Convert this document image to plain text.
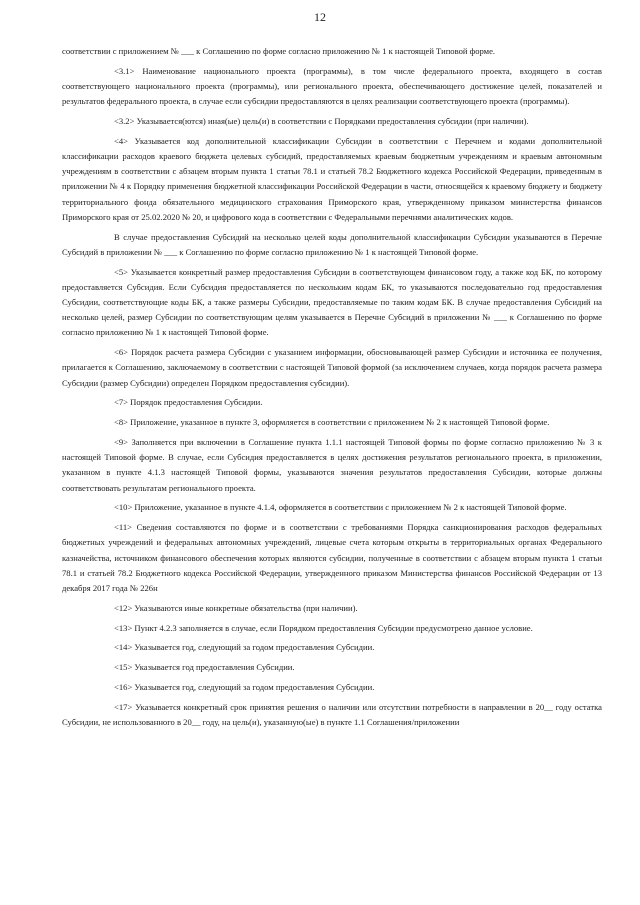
12

соответствии с приложением № ___ к Соглашению по форме согласно приложению № 1 к настоящей Типовой форме.

<3.1> Наименование национального проекта (программы), в том числе федерального проекта, входящего в состав соответствующего национального проекта (программы), или регионального проекта, обеспечивающего достижение целей, показателей и результатов федерального проекта, в случае если субсидии предоставляются в целях реализации соответствующего проекта (программы).

<3.2> Указывается(ются) иная(ые) цель(и) в соответствии с Порядками предоставления субсидии (при наличии).

<4> Указывается код дополнительной классификации Субсидии в соответствии с Перечнем и кодами дополнительной классификации расходов краевого бюджета целевых субсидий, предоставляемых краевым бюджетным учреждениям и краевым автономным учреждениям в соответствии с абзацем вторым пункта 1 статьи 78.1 и статьей 78.2 Бюджетного кодекса Российской Федерации, приведенным в приложении № 4 к Порядку применения бюджетной классификации Российской Федерации в части, относящейся к краевому бюджету и бюджету территориального фонда обязательного медицинского страхования Приморского края, утвержденному приказом министерства финансов Приморского края от 25.02.2020 № 20, и цифрового кода в соответствии с Федеральными перечнями аналитических кодов.

В случае предоставления Субсидий на несколько целей коды дополнительной классификации Субсидии указываются в Перечне Субсидий в приложении № ___ к Соглашению по форме согласно приложению № 1 к настоящей Типовой форме.

<5> Указывается конкретный размер предоставления Субсидии в соответствующем финансовом году, а также код БК, по которому предоставляется Субсидия. Если Субсидия предоставляется по нескольким кодам БК, то указываются последовательно год предоставления Субсидии, соответствующие коды БК, а также размеры Субсидии, предоставляемые по таким кодам БК. В случае предоставления Субсидий на несколько целей, размер Субсидии по соответствующим целям указывается в Перечне Субсидий в приложении № ___ к Соглашению по форме согласно приложению № 1 к настоящей Типовой форме.

<6> Порядок расчета размера Субсидии с указанием информации, обосновывающей размер Субсидии и источника ее получения, прилагается к Соглашению, заключаемому в соответствии с настоящей Типовой формой (за исключением случаев, когда порядок расчета размера Субсидии (размер Субсидии) определен Порядком предоставления субсидии).

<7> Порядок предоставления Субсидии.

<8> Приложение, указанное в пункте 3, оформляется в соответствии с приложением № 2 к настоящей Типовой форме.

<9> Заполняется при включении в Соглашение пункта 1.1.1 настоящей Типовой формы по форме согласно приложению № 3 к настоящей Типовой форме. В случае, если Субсидия предоставляется в целях достижения результатов регионального проекта, в приложении, указанном в пункте 4.1.3 настоящей Типовой формы, указываются значения результатов предоставления Субсидии, которые должны соответствовать результатам регионального проекта.

<10> Приложение, указанное в пункте 4.1.4, оформляется в соответствии с приложением № 2 к настоящей Типовой форме.

<11> Сведения составляются по форме и в соответствии с требованиями Порядка санкционирования расходов федеральных бюджетных учреждений и федеральных автономных учреждений, лицевые счета которым открыты в территориальных органах Федерального казначейства, источником финансового обеспечения которых являются субсидии, полученные в соответствии с абзацем вторым пункта 1 статьи 78.1 и статьей 78.2 Бюджетного кодекса Российской Федерации, утвержденного приказом Министерства финансов Российской Федерации от 13 декабря 2017 года № 226н

<12> Указываются иные конкретные обязательства (при наличии).

<13> Пункт 4.2.3 заполняется в случае, если Порядком предоставления Субсидии предусмотрено данное условие.

<14> Указывается год, следующий за годом предоставления Субсидии.

<15> Указывается год предоставления Субсидии.

<16> Указывается год, следующий за годом предоставления Субсидии.

<17> Указывается конкретный срок принятия решения о наличии или отсутствии потребности в направлении в 20__ году остатка Субсидии, не использованного в 20__ году, на цель(и), указанную(ые) в пункте 1.1 Соглашения/приложении
